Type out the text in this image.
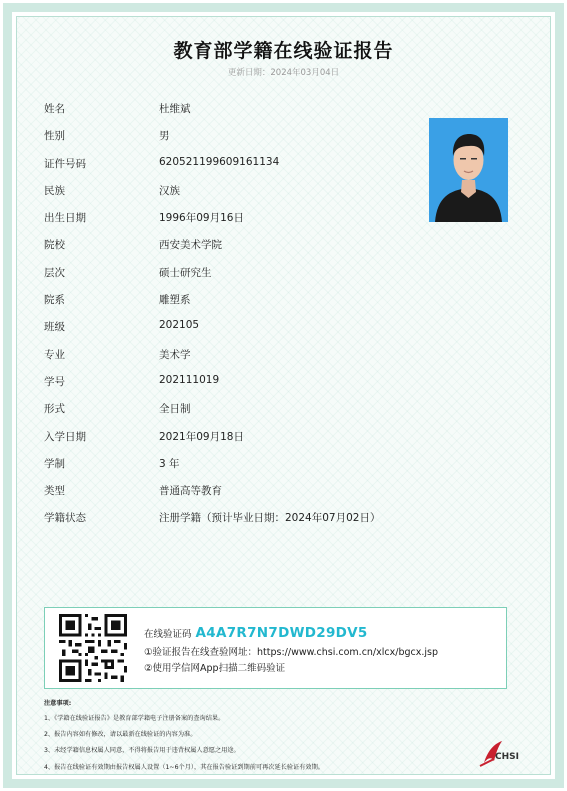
教育部学籍在线验证报告
更新日期：2024年03月04日
姓名	杜维斌
性别	男
证件号码	620521199609161134
民族	汉族
出生日期	1996年09月16日
院校	西安美术学院
层次	硕士研究生
院系	雕塑系
班级	202105
专业	美术学
学号	202111019
形式	全日制
入学日期	2021年09月18日
学制	3 年
类型	普通高等教育
学籍状态	注册学籍（预计毕业日期：2024年07月02日）
在线验证码 A4A7R7N7DWD29DV5
①验证报告在线查验网址：https://www.chsi.com.cn/xlcx/bgcx.jsp
②使用学信网App扫描二维码验证
注意事项:
1、《学籍在线验证报告》是教育部学籍电子注册备案的查询结果。
2、报告内容如有修改，请以最新在线验证的内容为准。
3、未经学籍信息权属人同意，不得将报告用于违背权属人意愿之用途。
4、报告在线验证有效期由报告权属人设置（1~6个月），其在报告验证到期前可再次延长验证有效期。
CHSI
